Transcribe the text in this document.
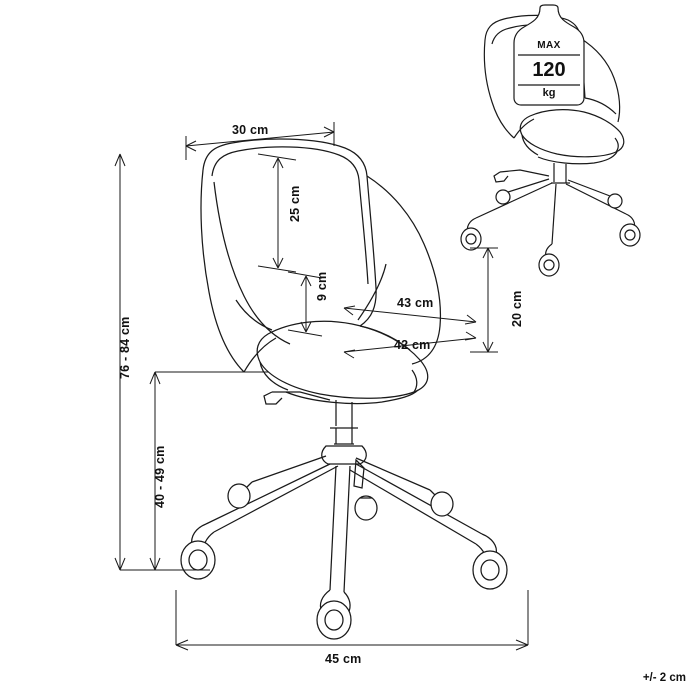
30 cm
25 cm
9 cm
43 cm
42 cm
20 cm
76 - 84 cm
40 - 49 cm
45 cm
MAX
120
kg
+/- 2 cm
